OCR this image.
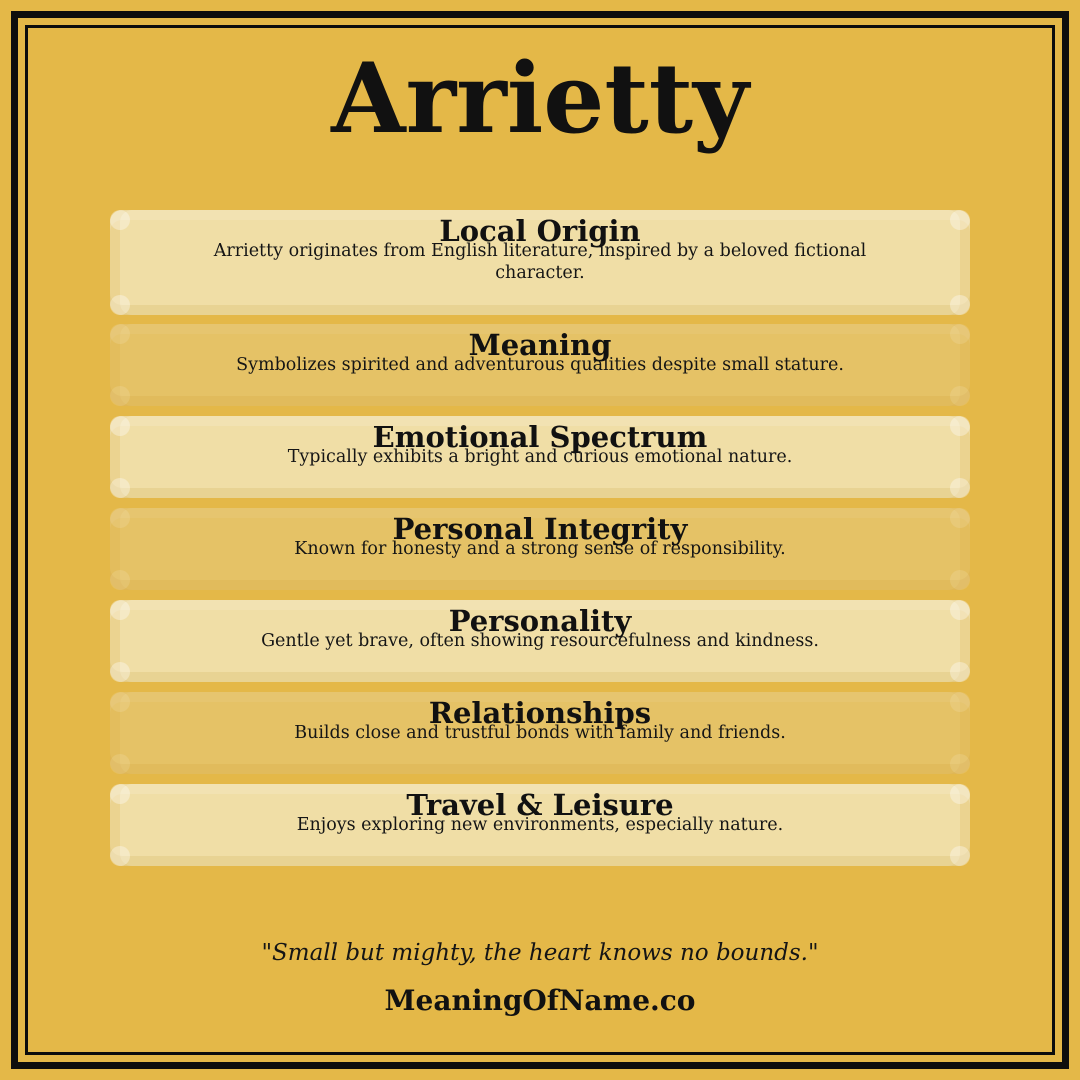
Arrietty
Local Origin
Arrietty originates from English literature, inspired by a beloved fictional character.
Meaning
Symbolizes spirited and adventurous qualities despite small stature.
Emotional Spectrum
Typically exhibits a bright and curious emotional nature.
Personal Integrity
Known for honesty and a strong sense of responsibility.
Personality
Gentle yet brave, often showing resourcefulness and kindness.
Relationships
Builds close and trustful bonds with family and friends.
Travel & Leisure
Enjoys exploring new environments, especially nature.
"Small but mighty, the heart knows no bounds."
MeaningOfName.co
